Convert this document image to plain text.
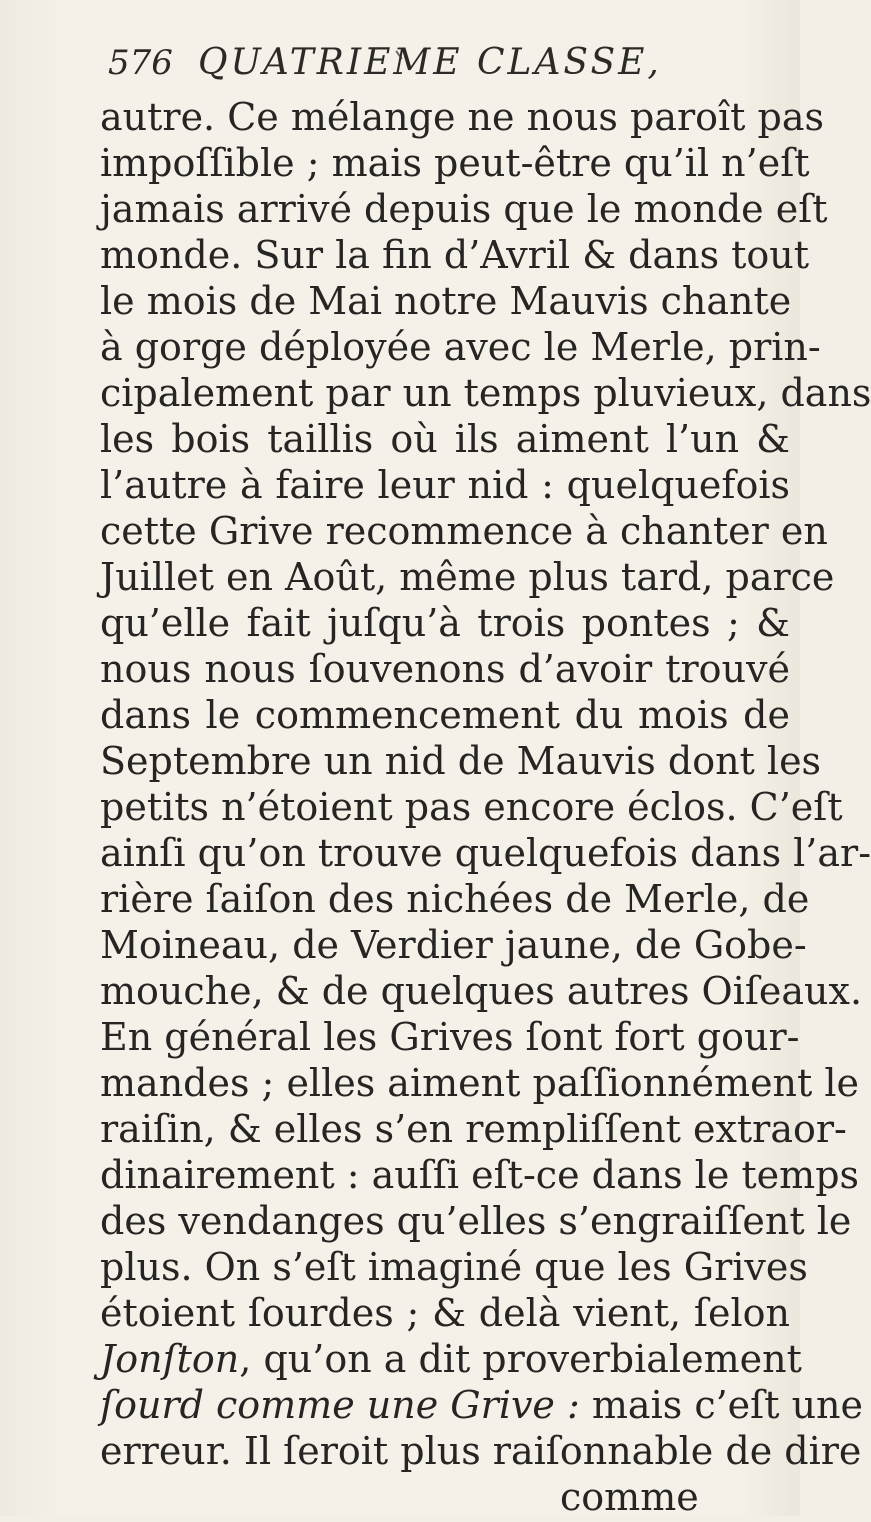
576 QUATRIEME CLASSE,
autre. Ce mélange ne nous paroît pas
impoſſible ; mais peut-être qu’il n’eſt
jamais arrivé depuis que le monde eſt
monde. Sur la fin d’Avril & dans tout
le mois de Mai notre Mauvis chante
à gorge déployée avec le Merle, prin-
cipalement par un temps pluvieux, dans
les bois taillis où ils aiment l’un &
l’autre à faire leur nid : quelquefois
cette Grive recommence à chanter en
Juillet en Août, même plus tard, parce
qu’elle fait juſqu’à trois pontes ; &
nous nous ſouvenons d’avoir trouvé
dans le commencement du mois de
Septembre un nid de Mauvis dont les
petits n’étoient pas encore éclos. C’eſt
ainſi qu’on trouve quelquefois dans l’ar-
rière ſaiſon des nichées de Merle, de
Moineau, de Verdier jaune, de Gobe-
mouche, & de quelques autres Oiſeaux.
En général les Grives ſont fort gour-
mandes ; elles aiment paſſionnément le
raiſin, & elles s’en rempliſſent extraor-
dinairement : auſſi eſt-ce dans le temps
des vendanges qu’elles s’engraiſſent le
plus. On s’eſt imaginé que les Grives
étoient ſourdes ; & delà vient, ſelon
Jonſton, qu’on a dit proverbialement
ſourd comme une Grive : mais c’eſt une
erreur. Il ſeroit plus raiſonnable de dire
comme
